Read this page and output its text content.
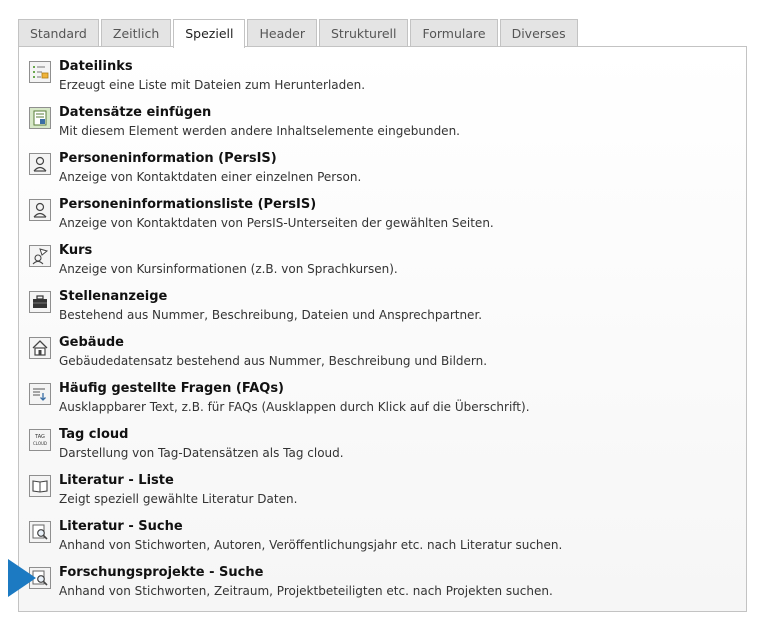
Standard	Zeitlich	Speziell	Header	Strukturell	Formulare	Diverses
Dateilinks
Erzeugt eine Liste mit Dateien zum Herunterladen.
Datensätze einfügen
Mit diesem Element werden andere Inhaltselemente eingebunden.
Personeninformation (PersIS)
Anzeige von Kontaktdaten einer einzelnen Person.
Personeninformationsliste (PersIS)
Anzeige von Kontaktdaten von PersIS-Unterseiten der gewählten Seiten.
Kurs
Anzeige von Kursinformationen (z.B. von Sprachkursen).
Stellenanzeige
Bestehend aus Nummer, Beschreibung, Dateien und Ansprechpartner.
Gebäude
Gebäudedatensatz bestehend aus Nummer, Beschreibung und Bildern.
Häufig gestellte Fragen (FAQs)
Ausklappbarer Text, z.B. für FAQs (Ausklappen durch Klick auf die Überschrift).
TAG
CLOUD
Tag cloud
Darstellung von Tag-Datensätzen als Tag cloud.
Literatur - Liste
Zeigt speziell gewählte Literatur Daten.
Literatur - Suche
Anhand von Stichworten, Autoren, Veröffentlichungsjahr etc. nach Literatur suchen.
Forschungsprojekte - Suche
Anhand von Stichworten, Zeitraum, Projektbeteiligten etc. nach Projekten suchen.
